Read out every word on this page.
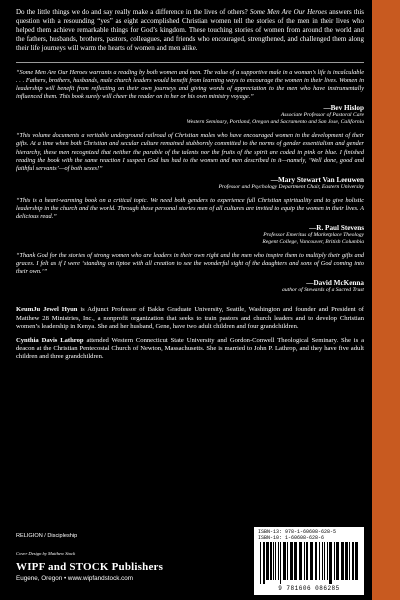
Do the little things we do and say really make a difference in the lives of others? Some Men Are Our Heroes answers this question with a resounding “yes” as eight accomplished Christian women tell the stories of the men in their lives who helped them achieve remarkable things for God’s kingdom. These touching stories of women from around the world and the fathers, husbands, brothers, pastors, colleagues, and friends who encouraged, strengthened, and challenged them along their life journeys will warm the hearts of women and men alike.

“Some Men Are Our Heroes warrants a reading by both women and men. The value of a supportive male in a woman’s life is incalculable . . . Fathers, brothers, husbands, male church leaders would benefit from learning ways to encourage the women in their lives. Women in leadership will benefit from reflecting on their own journeys and giving words of appreciation to the men who have instrumentally influenced them. This book surely will cheer the reader on in her or his own ministry voyage.”

—Bev Hislop
Associate Professor of Pastoral Care
Western Seminary, Portland, Oregon and Sacramento and San Jose, California

“This volume documents a veritable underground railroad of Christian males who have encouraged women in the development of their gifts. At a time when both Christian and secular culture remained stubbornly committed to the norms of gender essentialism and gender hierarchy, these men recognized that neither the parable of the talents nor the fruits of the spirit are coded in pink or blue. I finished reading the book with the same reaction I suspect God has had to the women and men described in it—namely, ‘Well done, good and faithful servants’—of both sexes!”

—Mary Stewart Van Leeuwen
Professor and Psychology Department Chair, Eastern University

“This is a heart-warming book on a critical topic. We need both genders to experience full Christian spirituality and to give holistic leadership in the church and the world. Through these personal stories men of all cultures are invited to equip the women in their lives. A delicious read.”

—R. Paul Stevens
Professor Emeritus of Marketplace Theology
Regent College, Vancouver, British Columbia

“Thank God for the stories of strong women who are leaders in their own right and the men who inspire them to multiply their gifts and graces. I felt as if I were ‘standing on tiptoe with all creation to see the wonderful sight of the daughters and sons of God coming into their own.’”

—David McKenna
author of Stewards of a Sacred Trust

KeumJu Jewel Hyun is Adjunct Professor of Bakke Graduate University, Seattle, Washington and founder and President of Matthew 28 Ministries, Inc., a nonprofit organization that seeks to train pastors and church leaders and to develop Christian women’s leadership in Kenya. She and her husband, Gene, have two adult children and four grandchildren.

Cynthia Davis Lathrop attended Western Connecticut State University and Gordon-Conwell Theological Seminary. She is a deacon at the Christian Pentecostal Church of Newton, Massachusetts. She is married to John P. Lathrop, and they have five adult children and three grandchildren.

RELIGION / Discipleship
Cover Design by Matthew Stock
WIPF and STOCK Publishers
Eugene, Oregon • www.wipfandstock.com
ISBN-13: 978-1-60608-628-5
ISBN-10: 1-60608-628-6
9 781606 086285
